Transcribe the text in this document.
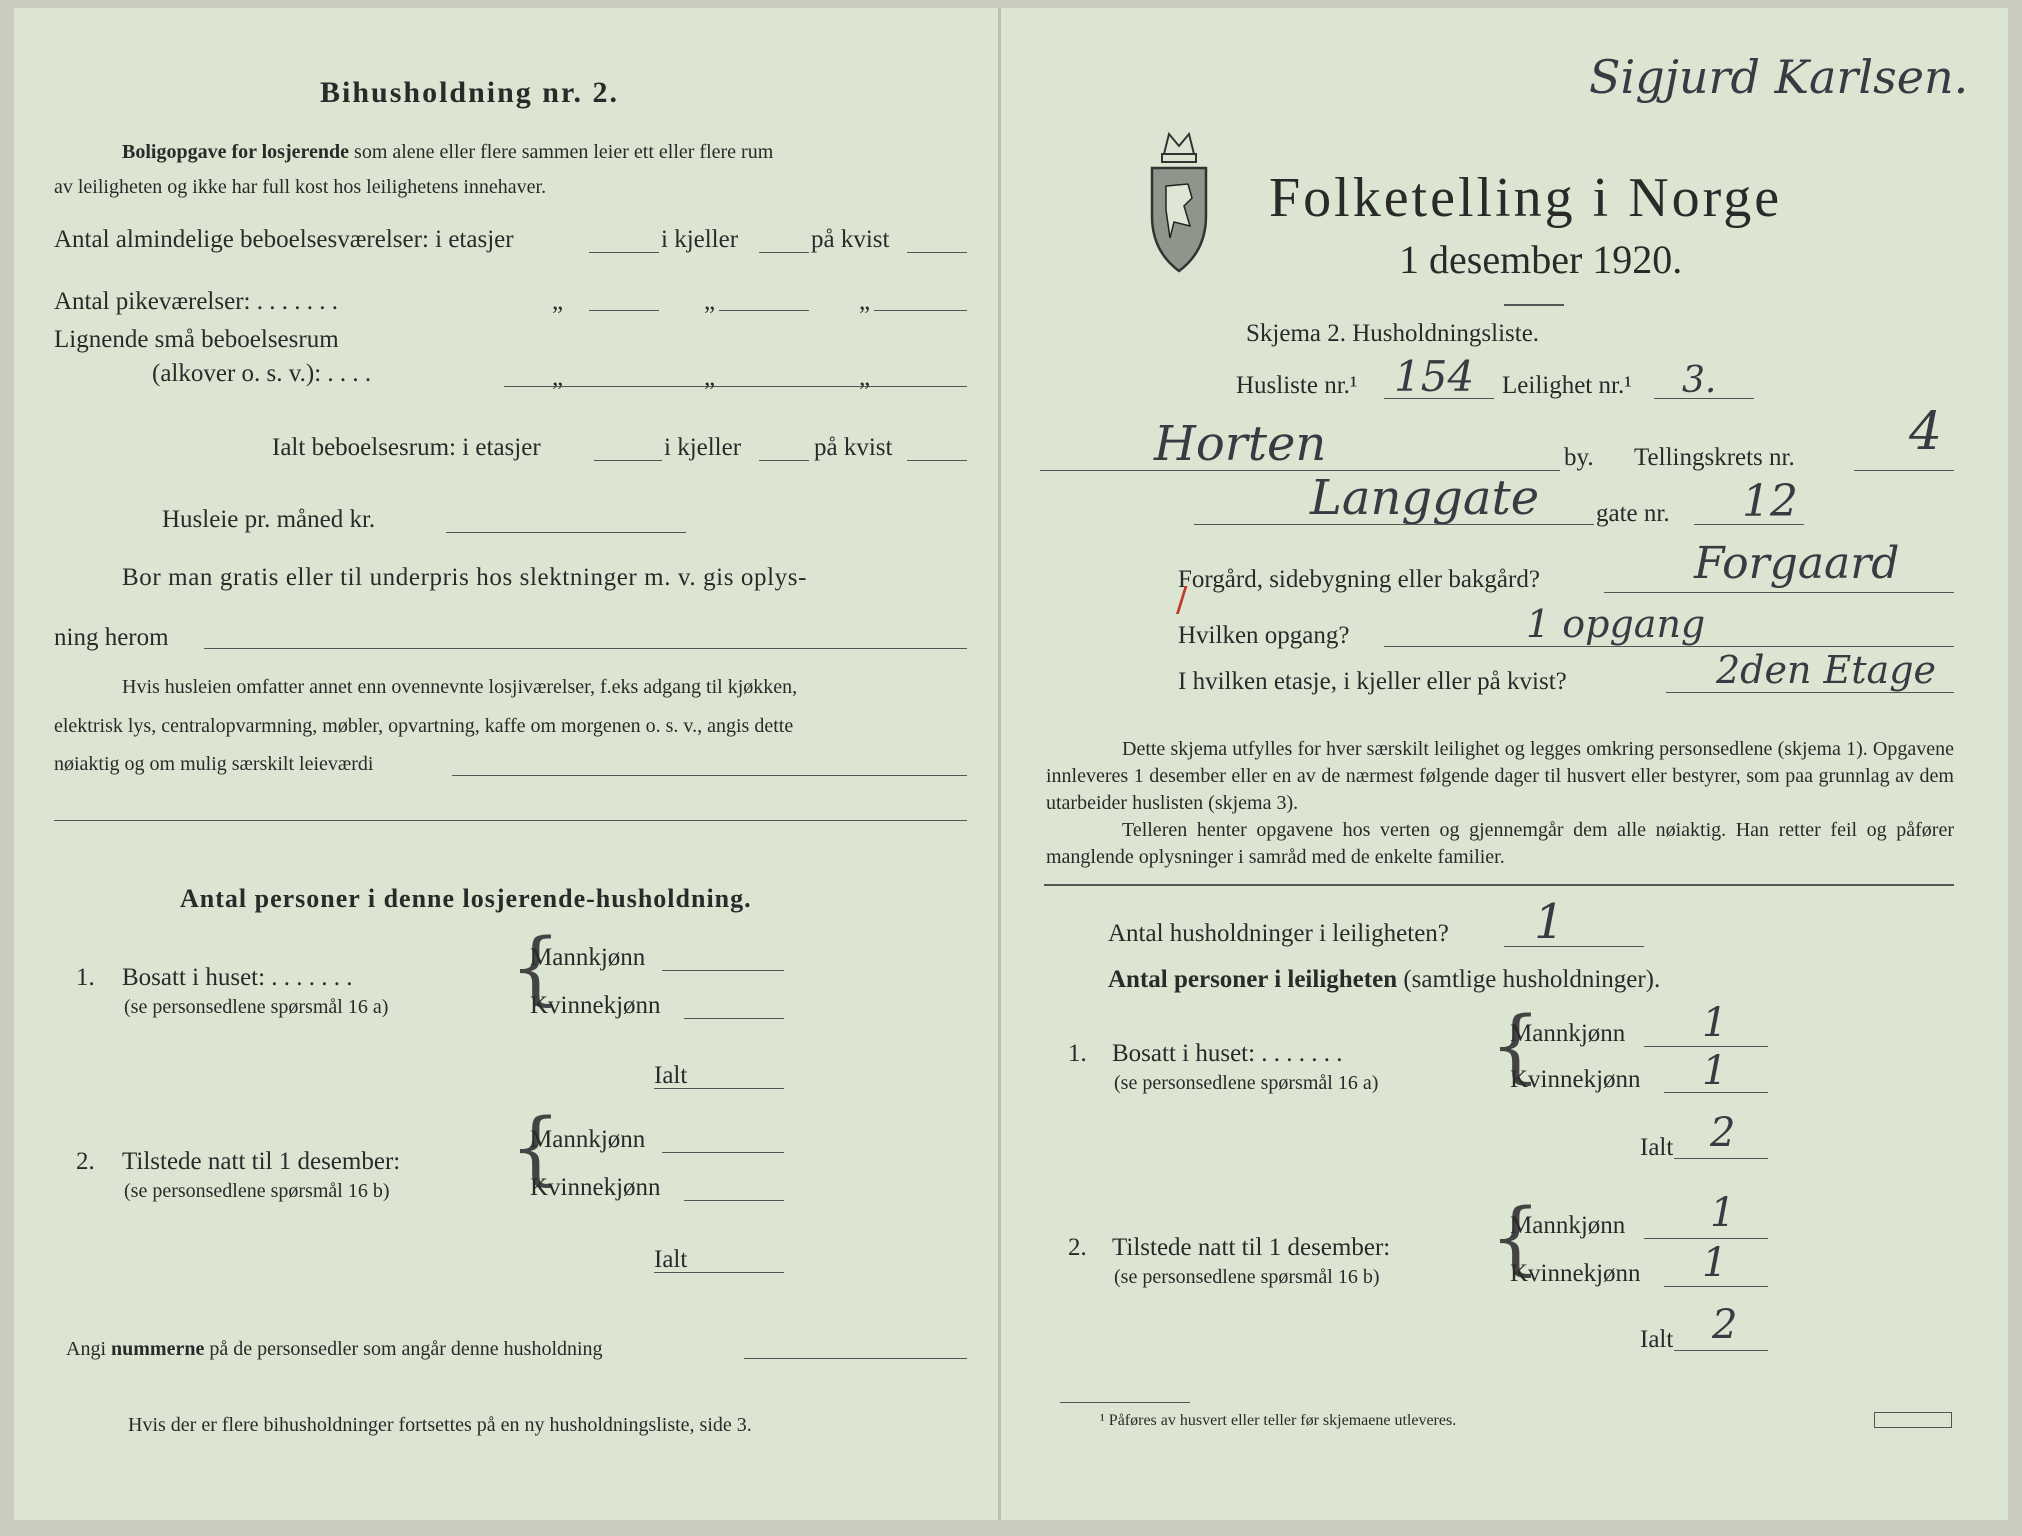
Bihusholdning nr. 2.
Boligopgave for losjerende som alene eller flere sammen leier ett eller flere rum
av leiligheten og ikke har full kost hos leilighetens innehaver.
Antal almindelige beboelsesværelser: i etasjer	i kjeller	på kvist
Antal pikeværelser: . . . . . . .	„	„	„
Lignende små beboelsesrum
(alkover o. s. v.): . . . .	„	„	„
Ialt beboelsesrum: i etasjer	i kjeller	på kvist
Husleie pr. måned kr.
Bor man gratis eller til underpris hos slektninger m. v. gis oplys-
ning herom
Hvis husleien omfatter annet enn ovennevnte losjiværelser, f.eks adgang til kjøkken,
elektrisk lys, centralopvarmning, møbler, opvartning, kaffe om morgenen o. s. v., angis dette
nøiaktig og om mulig særskilt leieværdi
Antal personer i denne losjerende-husholdning.
1. Bosatt i huset: . . . . . . .
(se personsedlene spørsmål 16 a) {
Mannkjønn
Kvinnekjønn
Ialt
2. Tilstede natt til 1 desember:
(se personsedlene spørsmål 16 b) {
Mannkjønn
Kvinnekjønn
Ialt
Angi nummerne på de personsedler som angår denne husholdning
Hvis der er flere bihusholdninger fortsettes på en ny husholdningsliste, side 3.
Sigjurd Karlsen.
Folketelling i Norge
1 desember 1920.
Skjema 2. Husholdningsliste.
Husliste nr.¹ 154 Leilighet nr.¹ 3.
Horten	by. Tellingskrets nr. 4
Langgate gate nr. 12
Forgård, sidebygning eller bakgård?	Forgaard
/
Hvilken opgang?	1 opgang
I hvilken etasje, i kjeller eller på kvist?	2den Etage
Dette skjema utfylles for hver særskilt leilighet og legges omkring personsedlene (skjema 1). Opgavene innleveres 1 desember eller en av de nærmest følgende dager til husvert eller bestyrer, som paa grunnlag av dem utarbeider huslisten (skjema 3).
Telleren henter opgavene hos verten og gjennemgår dem alle nøiaktig. Han retter feil og påfører manglende oplysninger i samråd med de enkelte familier.
Antal husholdninger i leiligheten? 1
Antal personer i leiligheten (samtlige husholdninger).
1. Bosatt i huset: . . . . . . .
(se personsedlene spørsmål 16 a) {
Mannkjønn 1
Kvinnekjønn 1
Ialt 2
2. Tilstede natt til 1 desember:
(se personsedlene spørsmål 16 b) {
Mannkjønn 1
Kvinnekjønn 1
Ialt 2
¹ Påføres av husvert eller teller før skjemaene utleveres.
